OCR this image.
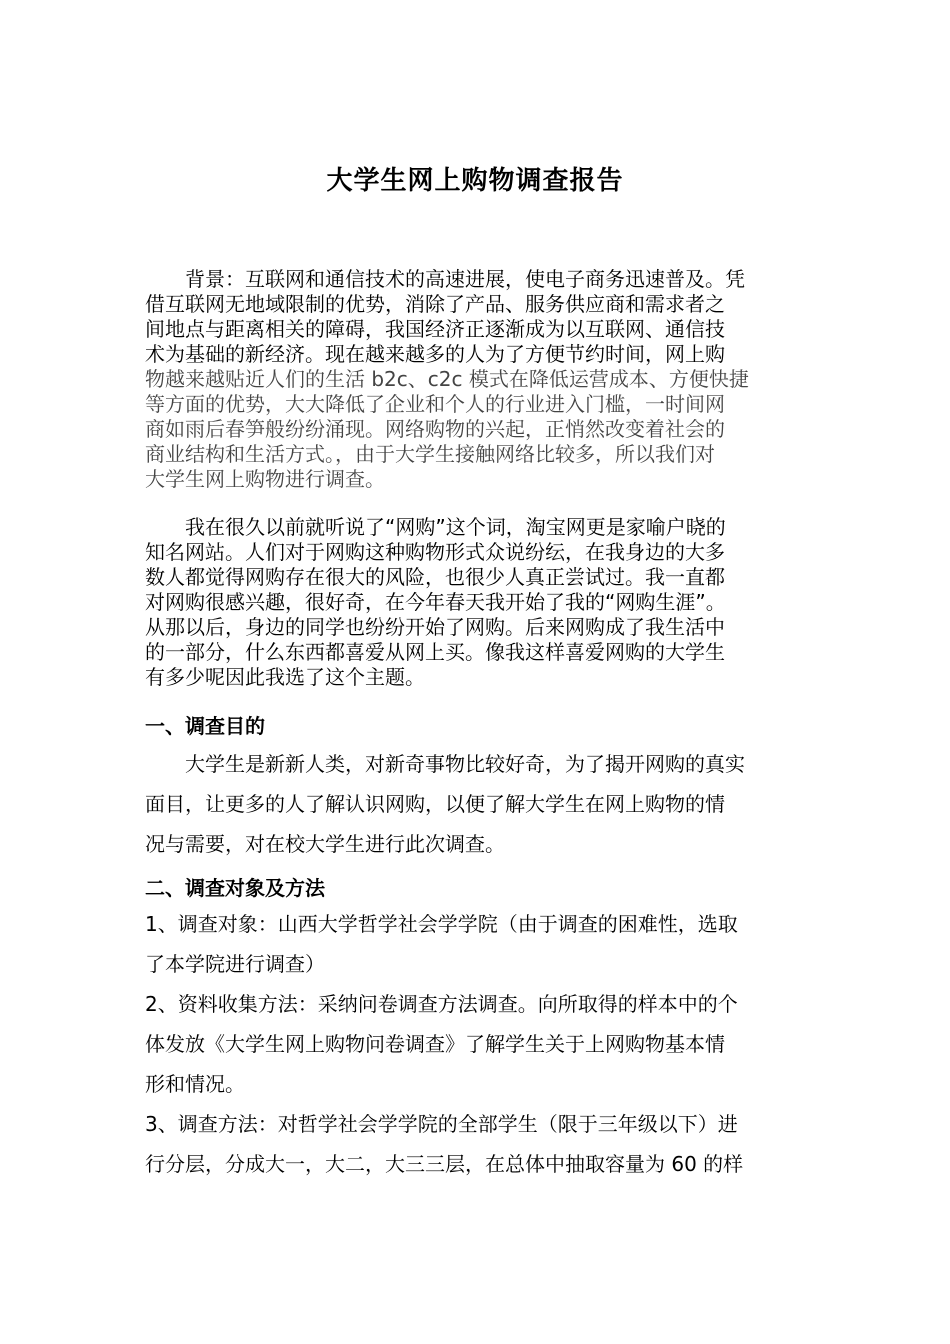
大学生网上购物调查报告
背景：互联网和通信技术的高速进展，使电子商务迅速普及。凭
借互联网无地域限制的优势，消除了产品、服务供应商和需求者之
间地点与距离相关的障碍，我国经济正逐渐成为以互联网、通信技
术为基础的新经济。现在越来越多的人为了方便节约时间，网上购
物越来越贴近人们的生活 b2c、c2c 模式在降低运营成本、方便快捷
等方面的优势，大大降低了企业和个人的行业进入门槛，一时间网
商如雨后春笋般纷纷涌现。网络购物的兴起，正悄然改变着社会的
商业结构和生活方式。，由于大学生接触网络比较多，所以我们对
大学生网上购物进行调查。
我在很久以前就听说了“网购”这个词，淘宝网更是家喻户晓的
知名网站。人们对于网购这种购物形式众说纷纭，在我身边的大多
数人都觉得网购存在很大的风险，也很少人真正尝试过。我一直都
对网购很感兴趣，很好奇，在今年春天我开始了我的“网购生涯”。
从那以后，身边的同学也纷纷开始了网购。后来网购成了我生活中
的一部分，什么东西都喜爱从网上买。像我这样喜爱网购的大学生
有多少呢因此我选了这个主题。
一、调查目的
大学生是新新人类，对新奇事物比较好奇，为了揭开网购的真实
面目，让更多的人了解认识网购，以便了解大学生在网上购物的情
况与需要，对在校大学生进行此次调查。
二、调查对象及方法
1、调查对象：山西大学哲学社会学学院（由于调查的困难性，选取
了本学院进行调查）
2、资料收集方法：采纳问卷调查方法调查。向所取得的样本中的个
体发放《大学生网上购物问卷调查》了解学生关于上网购物基本情
形和情况。
3、调查方法：对哲学社会学学院的全部学生（限于三年级以下）进
行分层，分成大一，大二，大三三层，在总体中抽取容量为 60 的样
